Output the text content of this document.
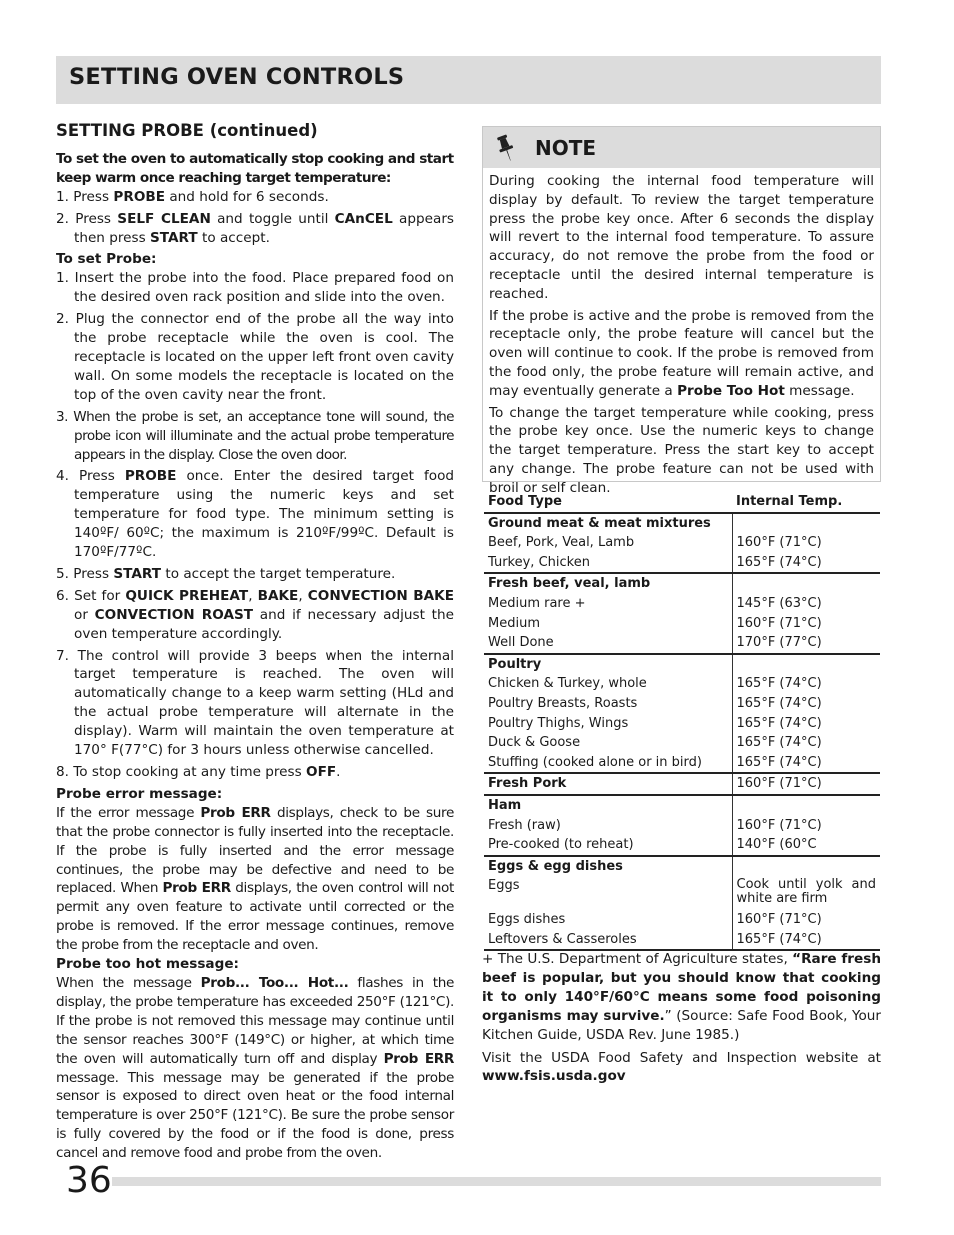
SETTING OVEN CONTROLS
SETTING PROBE (continued)

To set the oven to automatically stop cooking and start keep warm once reaching target temperature:

1. Press PROBE and hold for 6 seconds.
2. Press SELF CLEAN and toggle until CAnCEL appears then press START to accept.

To set Probe:

1. Insert the probe into the food. Place prepared food on the desired oven rack position and slide into the oven.
2. Plug the connector end of the probe all the way into the probe receptacle while the oven is cool. The receptacle is located on the upper left front oven cavity wall. On some models the receptacle is located on the top of the oven cavity near the front.
3. When the probe is set, an acceptance tone will sound, the probe icon will illuminate and the actual probe temperature appears in the display. Close the oven door.
4. Press PROBE once. Enter the desired target food temperature using the numeric keys and set temperature for food type. The minimum setting is 140ºF/ 60ºC; the maximum is 210ºF/99ºC. Default is 170ºF/77ºC.
5. Press START to accept the target temperature.
6. Set for QUICK PREHEAT, BAKE, CONVECTION BAKE or CONVECTION ROAST and if necessary adjust the oven temperature accordingly.
7. The control will provide 3 beeps when the internal target temperature is reached. The oven will automatically change to a keep warm setting (HLd and the actual probe temperature will alternate in the display). Warm will maintain the oven temperature at 170° F(77°C) for 3 hours unless otherwise cancelled.
8. To stop cooking at any time press OFF.

Probe error message:

If the error message Prob ERR displays, check to be sure that the probe connector is fully inserted into the receptacle. If the probe is fully inserted and the error message continues, the probe may be defective and need to be replaced. When Prob ERR displays, the oven control will not permit any oven feature to activate until corrected or the probe is removed. If the error message continues, remove the probe from the receptacle and oven.

Probe too hot message:

When the message Prob... Too... Hot... flashes in the display, the probe temperature has exceeded 250°F (121°C). If the probe is not removed this message may continue until the sensor reaches 300°F (149°C) or higher, at which time the oven will automatically turn off and display Prob ERR message. This message may be generated if the probe sensor is exposed to direct oven heat or the food internal temperature is over 250°F (121°C). Be sure the probe sensor is fully covered by the food or if the food is done, press cancel and remove food and probe from the oven.

NOTE

During cooking the internal food temperature will display by default. To review the target temperature press the probe key once. After 6 seconds the display will revert to the internal food temperature. To assure accuracy, do not remove the probe from the food or receptacle until the desired internal temperature is reached.

If the probe is active and the probe is removed from the receptacle only, the probe feature will cancel but the oven will continue to cook. If the probe is removed from the food only, the probe feature will remain active, and may eventually generate a Probe Too Hot message.

To change the target temperature while cooking, press the probe key once. Use the numeric keys to change the target temperature. Press the start key to accept any change. The probe feature can not be used with broil or self clean.

Food Type	Internal Temp.
Ground meat & meat mixtures	
Beef, Pork, Veal, Lamb	160°F (71°C)
Turkey, Chicken	165°F (74°C)
Fresh beef, veal, lamb	
Medium rare +	145°F (63°C)
Medium	160°F (71°C)
Well Done	170°F (77°C)
Poultry	
Chicken & Turkey, whole	165°F (74°C)
Poultry Breasts, Roasts	165°F (74°C)
Poultry Thighs, Wings	165°F (74°C)
Duck & Goose	165°F (74°C)
Stuffing (cooked alone or in bird)	165°F (74°C)
Fresh Pork	160°F (71°C)
Ham	
Fresh (raw)	160°F (71°C)
Pre-cooked (to reheat)	140°F (60°C
Eggs & egg dishes	
Eggs	Cook until yolk and white are firm
Eggs dishes	160°F (71°C)
Leftovers & Casseroles	165°F (74°C)

+ The U.S. Department of Agriculture states, “Rare fresh beef is popular, but you should know that cooking it to only 140°F/60°C means some food poisoning organisms may survive.” (Source: Safe Food Book, Your Kitchen Guide, USDA Rev. June 1985.)

Visit the USDA Food Safety and Inspection website at www.fsis.usda.gov

36
